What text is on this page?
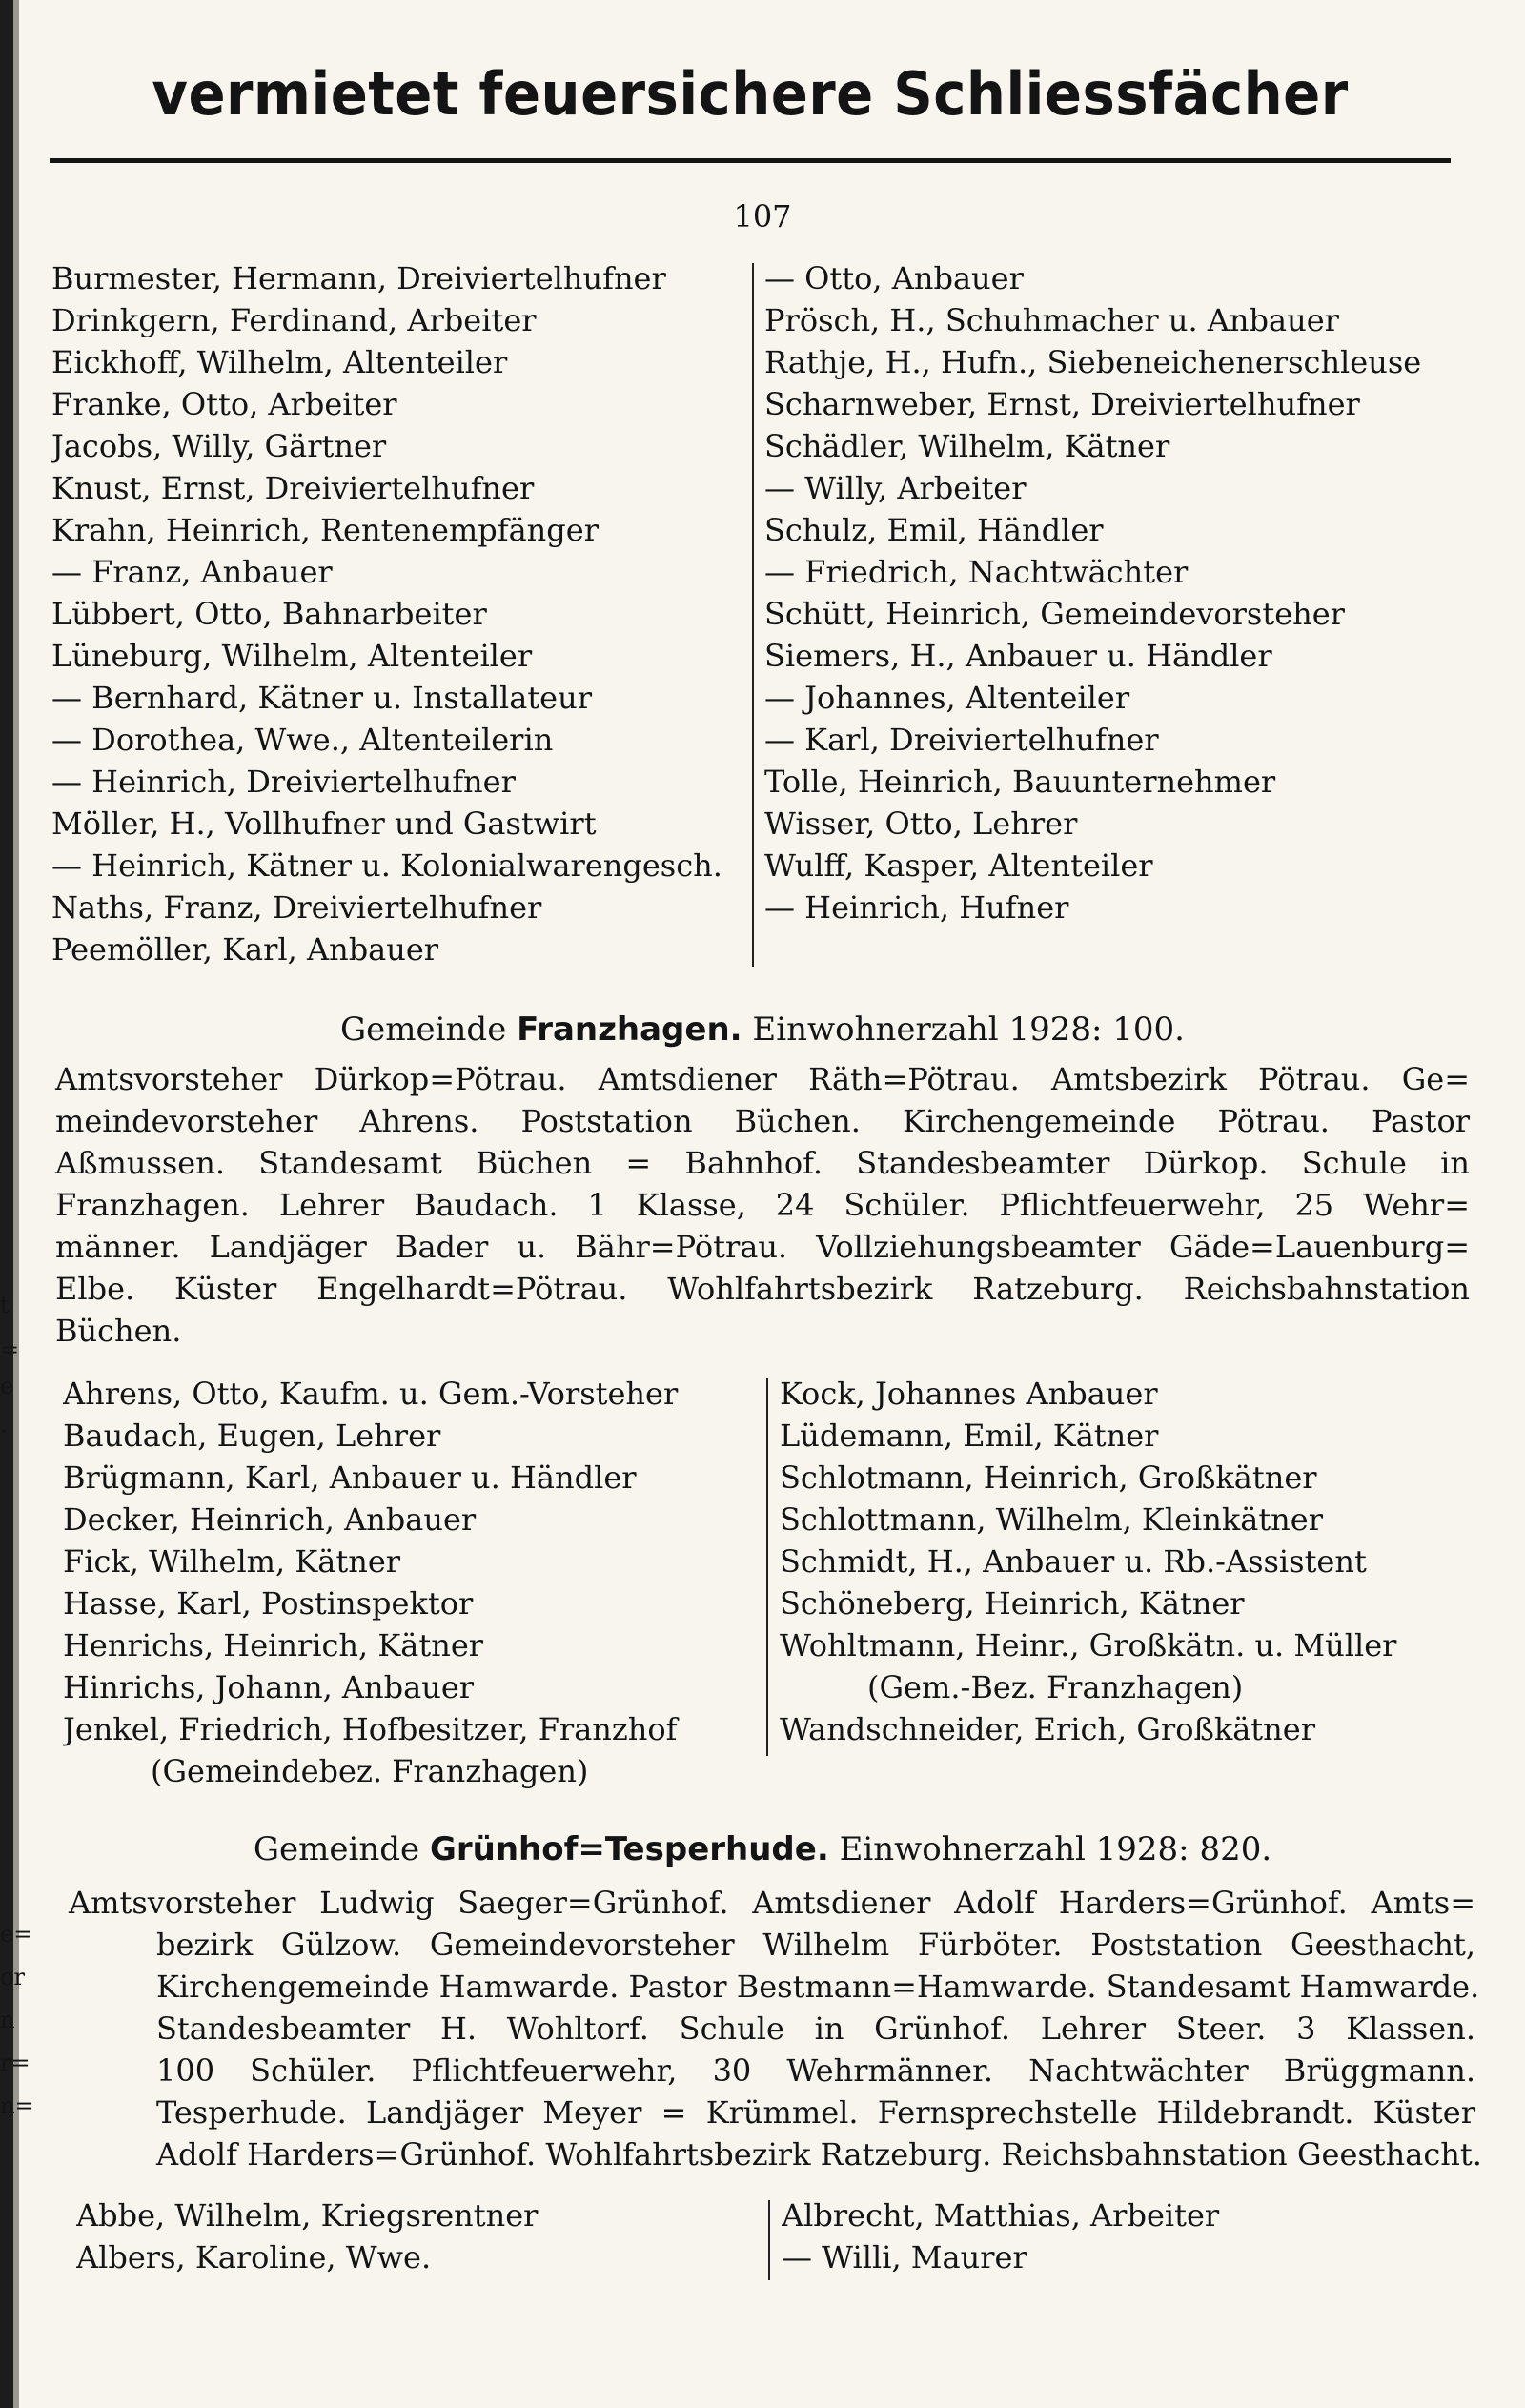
t
=
e
·
e=
or
n
r=
n=
vermietet feuersichere Schliessfächer
107
Burmester, Hermann, Dreiviertelhufner
Drinkgern, Ferdinand, Arbeiter
Eickhoff, Wilhelm, Altenteiler
Franke, Otto, Arbeiter
Jacobs, Willy, Gärtner
Knust, Ernst, Dreiviertelhufner
Krahn, Heinrich, Rentenempfänger
— Franz, Anbauer
Lübbert, Otto, Bahnarbeiter
Lüneburg, Wilhelm, Altenteiler
— Bernhard, Kätner u. Installateur
— Dorothea, Wwe., Altenteilerin
— Heinrich, Dreiviertelhufner
Möller, H., Vollhufner und Gastwirt
— Heinrich, Kätner u. Kolonialwarengesch.
Naths, Franz, Dreiviertelhufner
Peemöller, Karl, Anbauer
— Otto, Anbauer
Prösch, H., Schuhmacher u. Anbauer
Rathje, H., Hufn., Siebeneichenerschleuse
Scharnweber, Ernst, Dreiviertelhufner
Schädler, Wilhelm, Kätner
— Willy, Arbeiter
Schulz, Emil, Händler
— Friedrich, Nachtwächter
Schütt, Heinrich, Gemeindevorsteher
Siemers, H., Anbauer u. Händler
— Johannes, Altenteiler
— Karl, Dreiviertelhufner
Tolle, Heinrich, Bauunternehmer
Wisser, Otto, Lehrer
Wulff, Kasper, Altenteiler
— Heinrich, Hufner
Gemeinde Franzhagen. Einwohnerzahl 1928: 100.
Amtsvorsteher Dürkop=Pötrau. Amtsdiener Räth=Pötrau. Amtsbezirk Pötrau. Ge=
meindevorsteher Ahrens. Poststation Büchen. Kirchengemeinde Pötrau. Pastor
Aßmussen. Standesamt Büchen = Bahnhof. Standesbeamter Dürkop. Schule in
Franzhagen. Lehrer Baudach. 1 Klasse, 24 Schüler. Pflichtfeuerwehr, 25 Wehr=
männer. Landjäger Bader u. Bähr=Pötrau. Vollziehungsbeamter Gäde=Lauenburg=
Elbe. Küster Engelhardt=Pötrau. Wohlfahrtsbezirk Ratzeburg. Reichsbahnstation
Büchen.
Ahrens, Otto, Kaufm. u. Gem.-Vorsteher
Baudach, Eugen, Lehrer
Brügmann, Karl, Anbauer u. Händler
Decker, Heinrich, Anbauer
Fick, Wilhelm, Kätner
Hasse, Karl, Postinspektor
Henrichs, Heinrich, Kätner
Hinrichs, Johann, Anbauer
Jenkel, Friedrich, Hofbesitzer, Franzhof
(Gemeindebez. Franzhagen)
Kock, Johannes Anbauer
Lüdemann, Emil, Kätner
Schlotmann, Heinrich, Großkätner
Schlottmann, Wilhelm, Kleinkätner
Schmidt, H., Anbauer u. Rb.-Assistent
Schöneberg, Heinrich, Kätner
Wohltmann, Heinr., Großkätn. u. Müller
(Gem.-Bez. Franzhagen)
Wandschneider, Erich, Großkätner
Gemeinde Grünhof=Tesperhude. Einwohnerzahl 1928: 820.
Amtsvorsteher Ludwig Saeger=Grünhof. Amtsdiener Adolf Harders=Grünhof. Amts=
bezirk Gülzow. Gemeindevorsteher Wilhelm Fürböter. Poststation Geesthacht,
Kirchengemeinde Hamwarde. Pastor Bestmann=Hamwarde. Standesamt Hamwarde.
Standesbeamter H. Wohltorf. Schule in Grünhof. Lehrer Steer. 3 Klassen.
100 Schüler. Pflichtfeuerwehr, 30 Wehrmänner. Nachtwächter Brüggmann.
Tesperhude. Landjäger Meyer = Krümmel. Fernsprechstelle Hildebrandt. Küster
Adolf Harders=Grünhof. Wohlfahrtsbezirk Ratzeburg. Reichsbahnstation Geesthacht.
Abbe, Wilhelm, Kriegsrentner
Albers, Karoline, Wwe.
Albrecht, Matthias, Arbeiter
— Willi, Maurer
